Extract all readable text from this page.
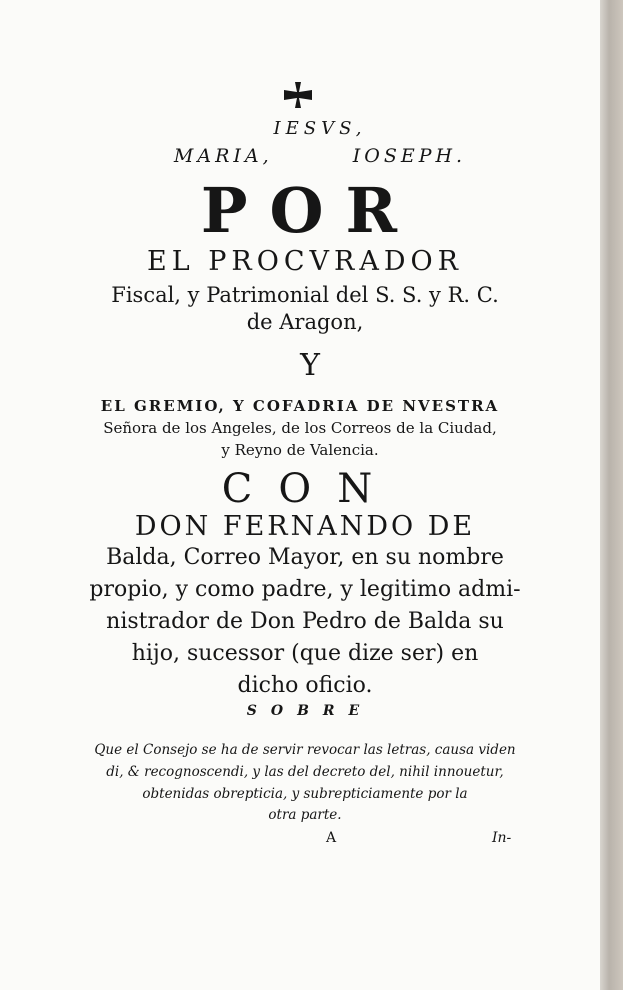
IESVS,
MARIA,	IOSEPH.
POR
EL PROCVRADOR
Fiscal, y Patrimonial del S. S. y R. C.
de Aragon,
Y
EL GREMIO, Y COFADRIA DE NVESTRA
Señora de los Angeles, de los Correos de la Ciudad,
y Reyno de Valencia.
CON
DON FERNANDO DE
Balda, Correo Mayor, en su nombre
propio, y como padre, y legitimo admi-
nistrador de Don Pedro de Balda su
hijo, sucessor (que dize ser) en
dicho oficio.
SOBRE
Que el Consejo se ha de servir revocar las letras, causa viden
di, & recognoscendi, y las del decreto del, nihil innouetur,
obtenidas obrepticia, y subrepticiamente por la
otra parte.
A	In-
